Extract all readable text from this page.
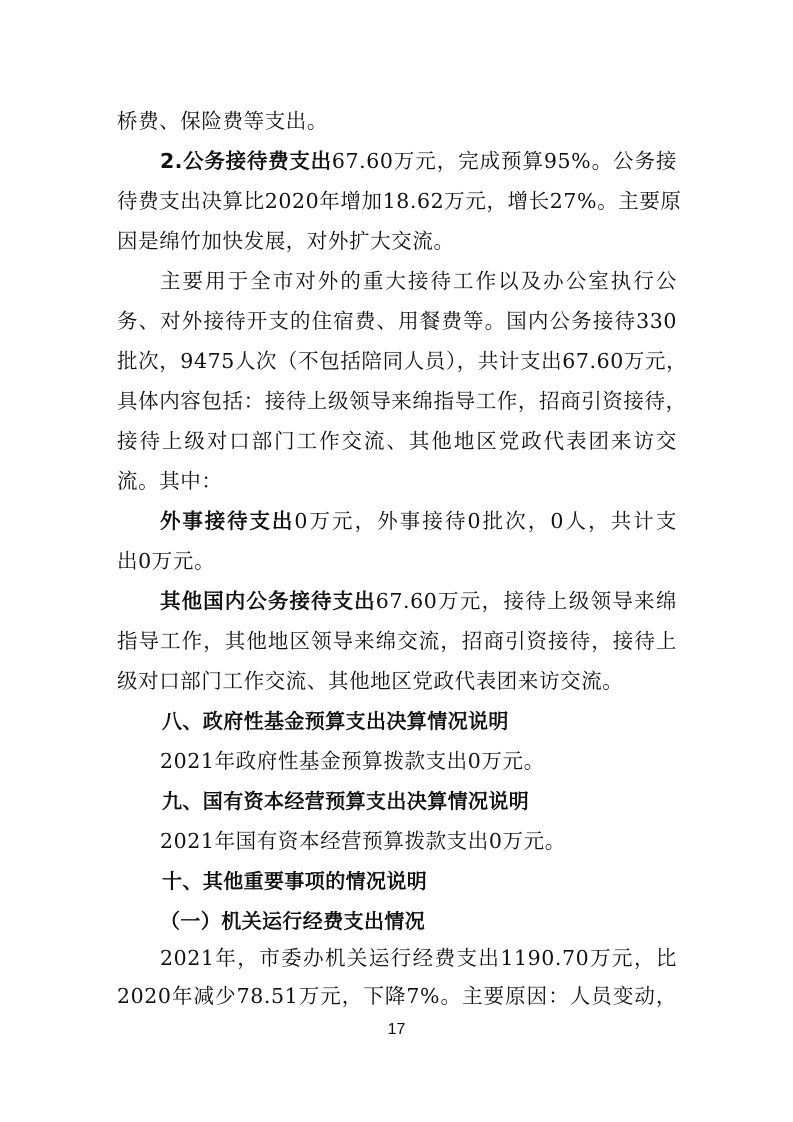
桥费、保险费等支出。
2.公务接待费支出67.60万元，完成预算95%。公务接
待费支出决算比2020年增加18.62万元，增长27%。主要原
因是绵竹加快发展，对外扩大交流。
主要用于全市对外的重大接待工作以及办公室执行公
务、对外接待开支的住宿费、用餐费等。国内公务接待330
批次，9475人次（不包括陪同人员），共计支出67.60万元，
具体内容包括：接待上级领导来绵指导工作，招商引资接待，
接待上级对口部门工作交流、其他地区党政代表团来访交
流。其中：
外事接待支出0万元，外事接待0批次，0人，共计支
出0万元。
其他国内公务接待支出67.60万元，接待上级领导来绵
指导工作，其他地区领导来绵交流，招商引资接待，接待上
级对口部门工作交流、其他地区党政代表团来访交流。
八、政府性基金预算支出决算情况说明
2021年政府性基金预算拨款支出0万元。
九、国有资本经营预算支出决算情况说明
2021年国有资本经营预算拨款支出0万元。
十、其他重要事项的情况说明
（一）机关运行经费支出情况
2021年，市委办机关运行经费支出1190.70万元，比
2020年减少78.51万元，下降7%。主要原因：人员变动，
17
